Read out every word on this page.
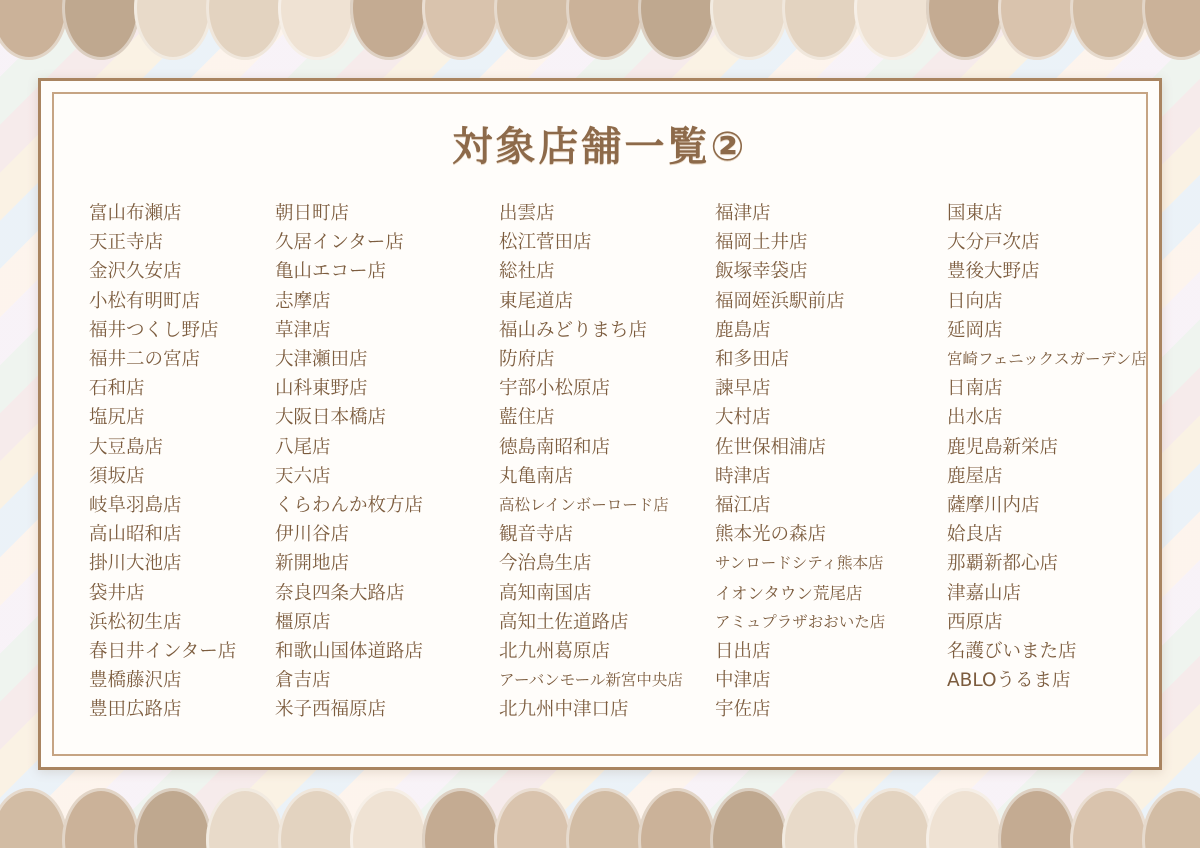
対象店舗一覧②
富山布瀬店
天正寺店
金沢久安店
小松有明町店
福井つくし野店
福井二の宮店
石和店
塩尻店
大豆島店
須坂店
岐阜羽島店
高山昭和店
掛川大池店
袋井店
浜松初生店
春日井インター店
豊橋藤沢店
豊田広路店
朝日町店
久居インター店
亀山エコー店
志摩店
草津店
大津瀬田店
山科東野店
大阪日本橋店
八尾店
天六店
くらわんか枚方店
伊川谷店
新開地店
奈良四条大路店
橿原店
和歌山国体道路店
倉吉店
米子西福原店
出雲店
松江菅田店
総社店
東尾道店
福山みどりまち店
防府店
宇部小松原店
藍住店
徳島南昭和店
丸亀南店
高松レインボーロード店
観音寺店
今治鳥生店
高知南国店
高知土佐道路店
北九州葛原店
アーバンモール新宮中央店
北九州中津口店
福津店
福岡土井店
飯塚幸袋店
福岡姪浜駅前店
鹿島店
和多田店
諫早店
大村店
佐世保相浦店
時津店
福江店
熊本光の森店
サンロードシティ熊本店
イオンタウン荒尾店
アミュプラザおおいた店
日出店
中津店
宇佐店
国東店
大分戸次店
豊後大野店
日向店
延岡店
宮崎フェニックスガーデン店
日南店
出水店
鹿児島新栄店
鹿屋店
薩摩川内店
姶良店
那覇新都心店
津嘉山店
西原店
名護びいまた店
ABLOうるま店
